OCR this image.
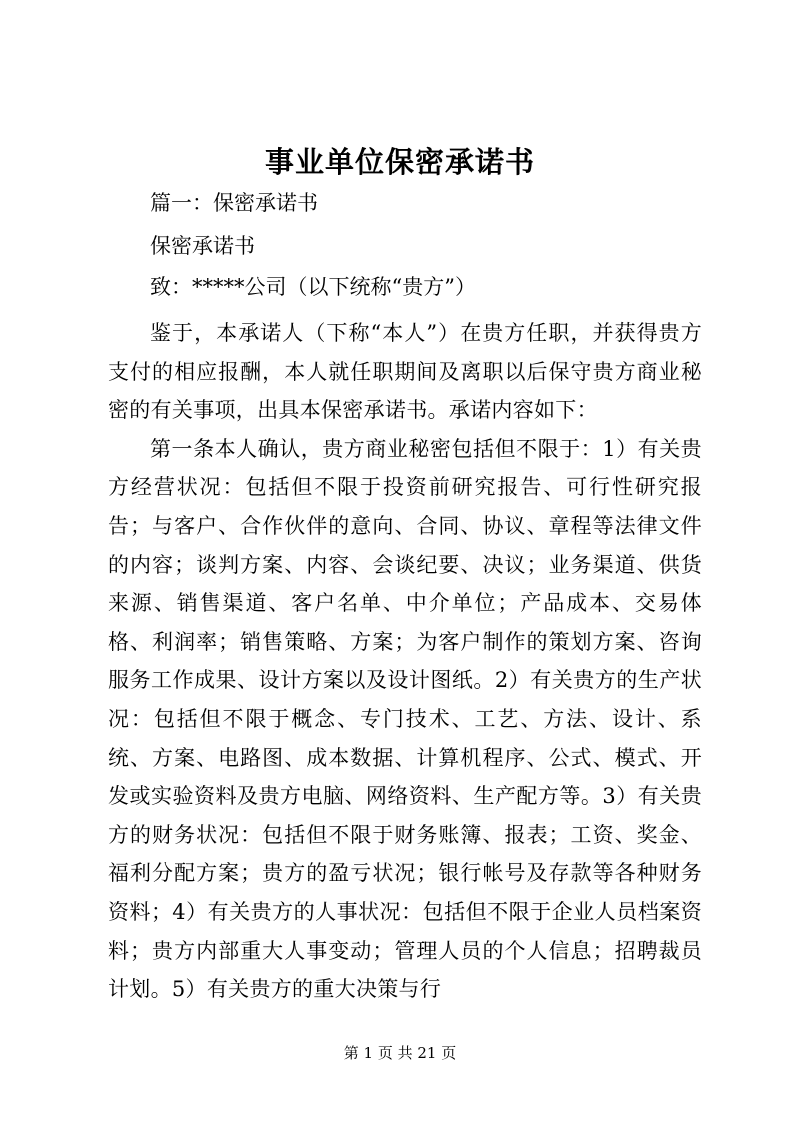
事业单位保密承诺书
篇一：保密承诺书
保密承诺书
致：*****公司（以下统称“贵方”）

鉴于，本承诺人（下称“本人”）在贵方任职，并获得贵方支付的相应报酬，本人就任职期间及离职以后保守贵方商业秘密的有关事项，出具本保密承诺书。承诺内容如下：

第一条本人确认，贵方商业秘密包括但不限于：1）有关贵方经营状况：包括但不限于投资前研究报告、可行性研究报告；与客户、合作伙伴的意向、合同、协议、章程等法律文件的内容；谈判方案、内容、会谈纪要、决议；业务渠道、供货来源、销售渠道、客户名单、中介单位；产品成本、交易体格、利润率；销售策略、方案；为客户制作的策划方案、咨询服务工作成果、设计方案以及设计图纸。2）有关贵方的生产状况：包括但不限于概念、专门技术、工艺、方法、设计、系统、方案、电路图、成本数据、计算机程序、公式、模式、开发或实验资料及贵方电脑、网络资料、生产配方等。3）有关贵方的财务状况：包括但不限于财务账簿、报表；工资、奖金、福利分配方案；贵方的盈亏状况；银行帐号及存款等各种财务资料；4）有关贵方的人事状况：包括但不限于企业人员档案资料；贵方内部重大人事变动；管理人员的个人信息；招聘裁员计划。5）有关贵方的重大决策与行

第 1 页 共 21 页
